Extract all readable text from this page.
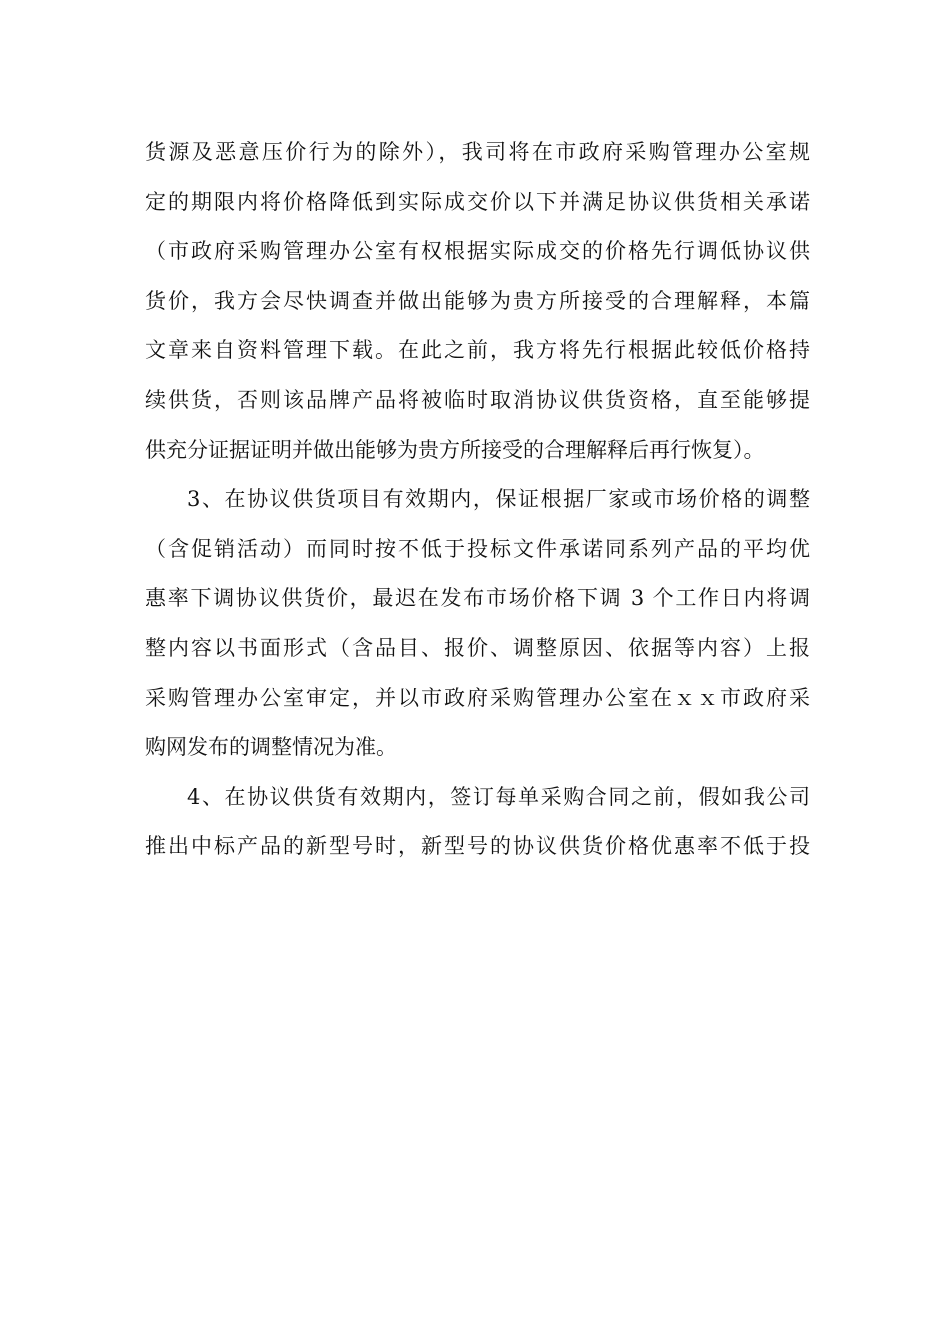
货源及恶意压价行为的除外），我司将在市政府采购管理办公室规
定的期限内将价格降低到实际成交价以下并满足协议供货相关承诺
（市政府采购管理办公室有权根据实际成交的价格先行调低协议供
货价，我方会尽快调查并做出能够为贵方所接受的合理解释，本篇
文章来自资料管理下载。在此之前，我方将先行根据此较低价格持
续供货，否则该品牌产品将被临时取消协议供货资格，直至能够提
供充分证据证明并做出能够为贵方所接受的合理解释后再行恢复）。
3、在协议供货项目有效期内，保证根据厂家或市场价格的调整
（含促销活动）而同时按不低于投标文件承诺同系列产品的平均优
惠率下调协议供货价，最迟在发布市场价格下调 3 个工作日内将调
整内容以书面形式（含品目、报价、调整原因、依据等内容）上报
采购管理办公室审定，并以市政府采购管理办公室在ｘｘ市政府采
购网发布的调整情况为准。
4、在协议供货有效期内，签订每单采购合同之前，假如我公司
推出中标产品的新型号时，新型号的协议供货价格优惠率不低于投
